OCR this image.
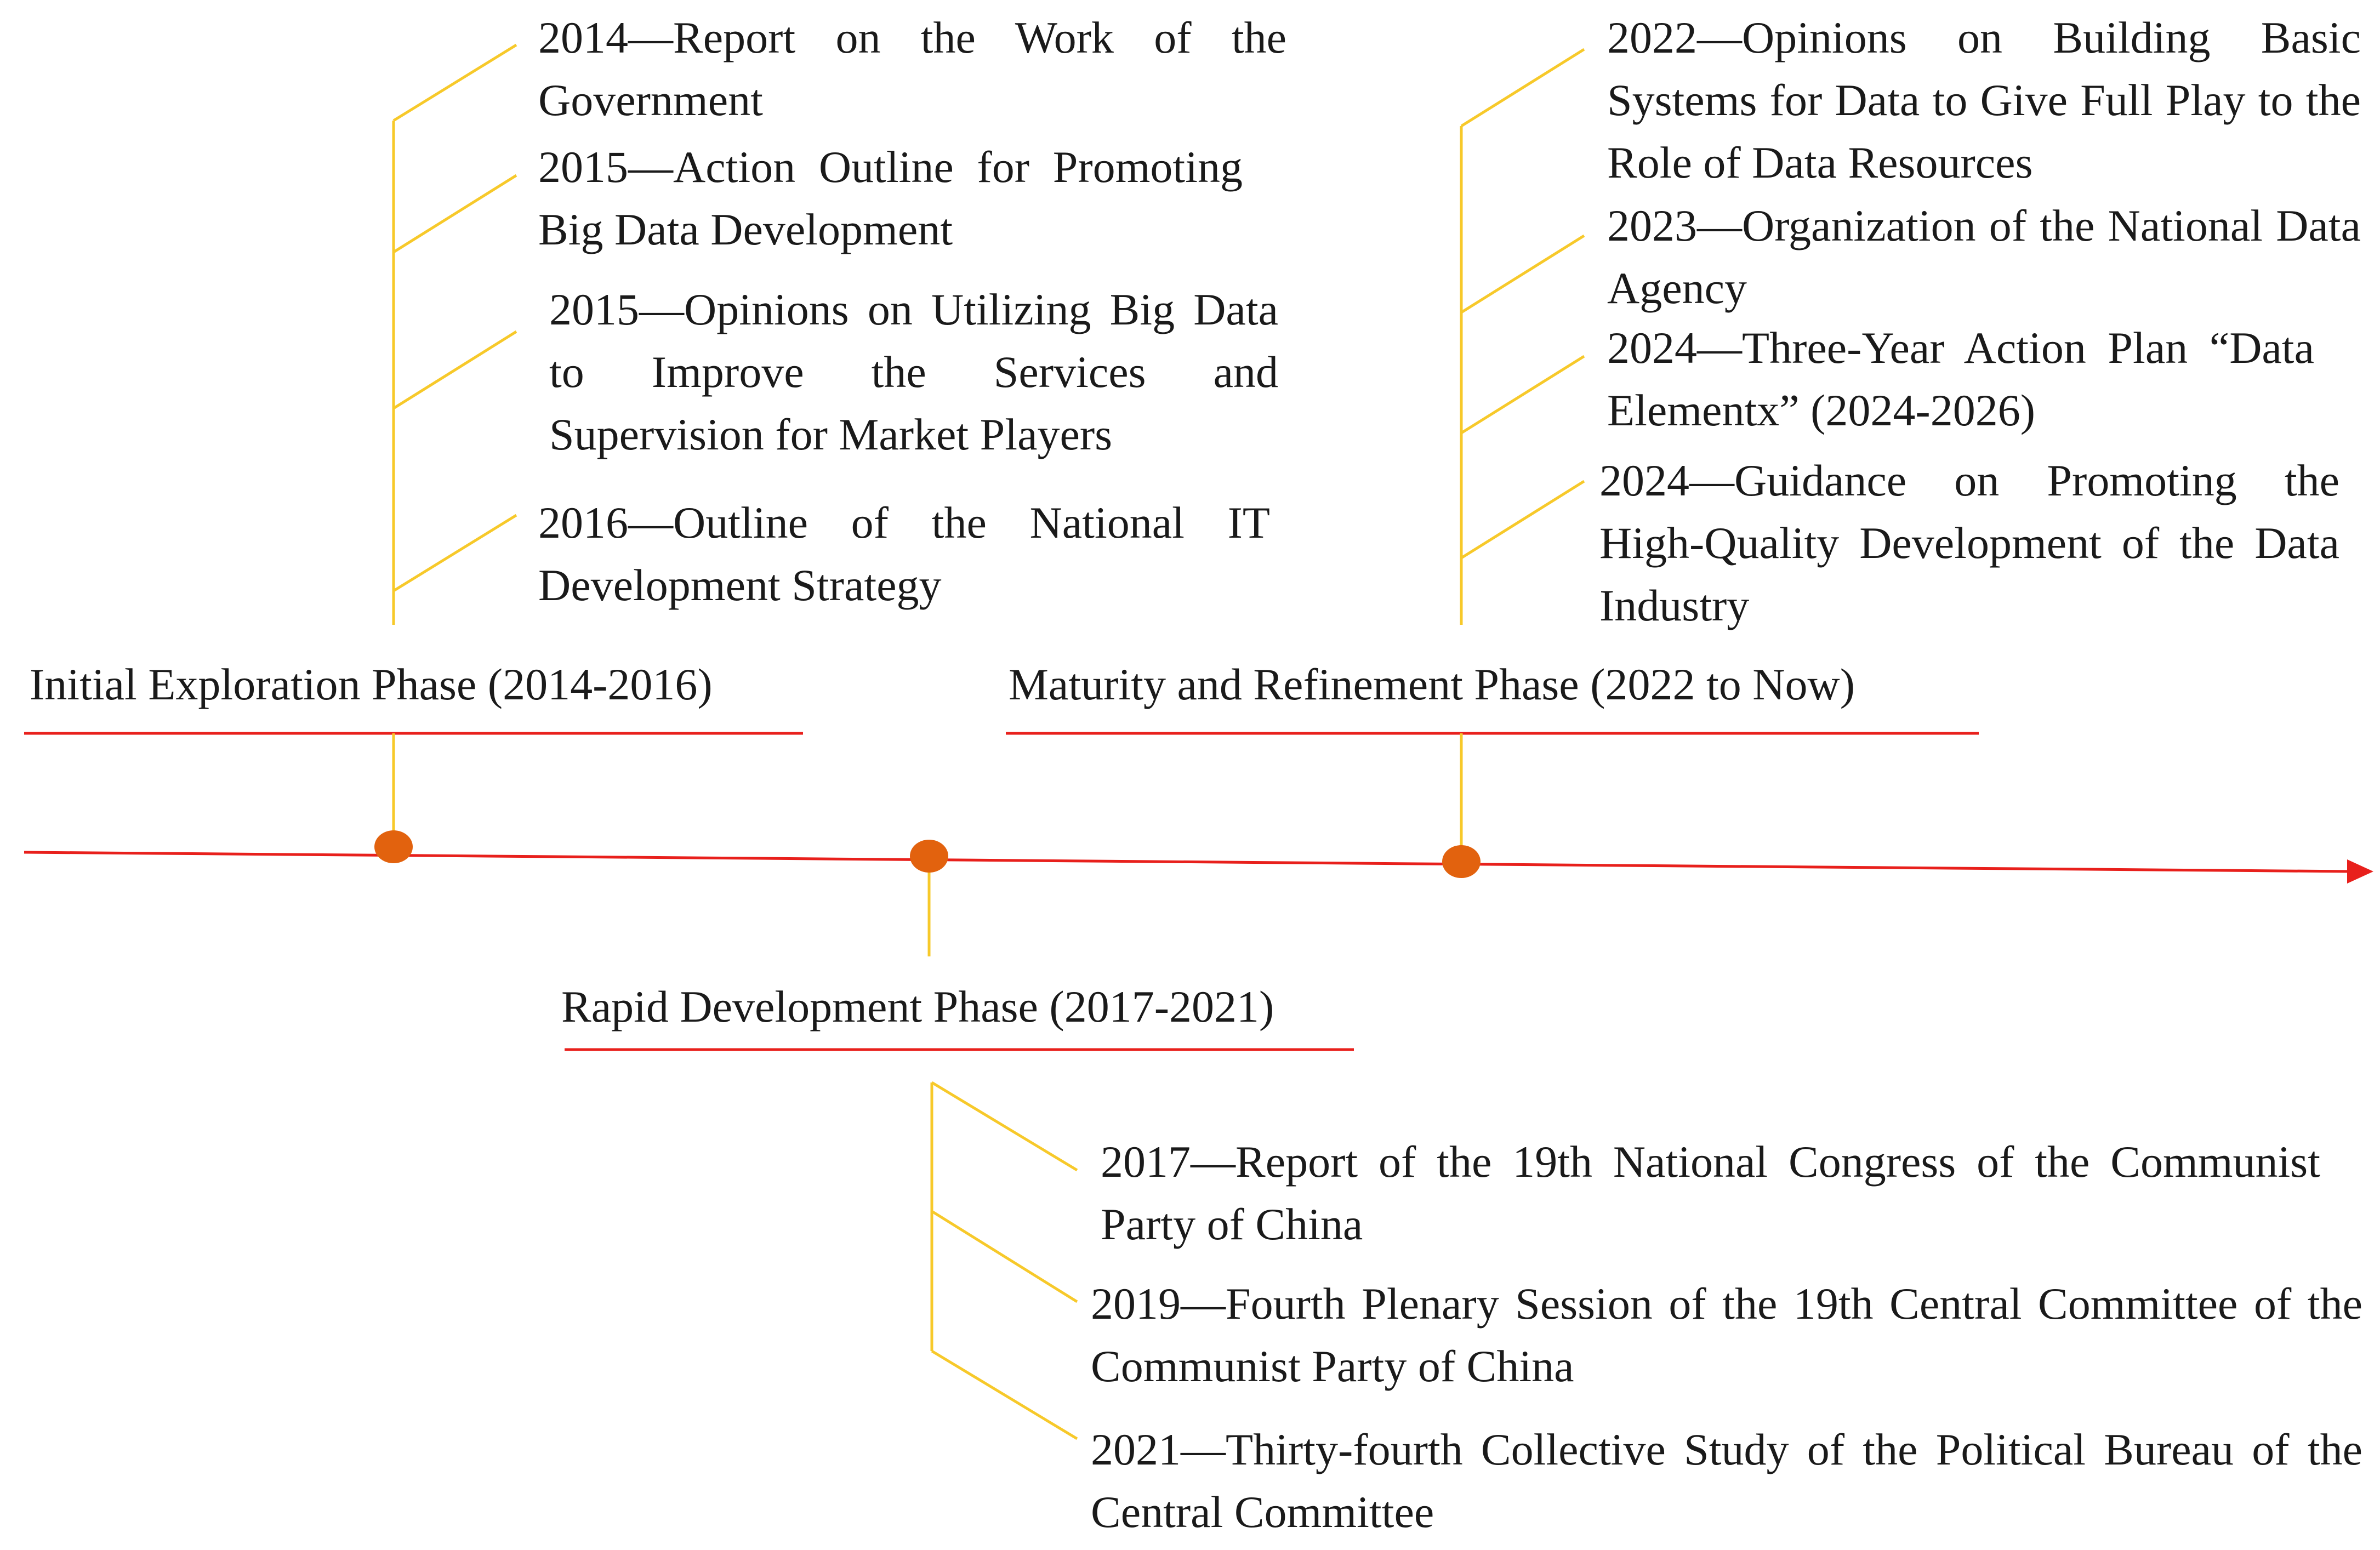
Initial Exploration Phase (2014-2016)
Rapid Development Phase (2017-2021)
Maturity and Refinement Phase (2022 to Now)
2014—Report on the Work of the Government
2015—Action Outline for Promoting Big Data Development
2015—Opinions on Utilizing Big Data to Improve the Services and Supervision for Market Players
2016—Outline of the National IT Development Strategy
2022—Opinions on Building Basic Systems for Data to Give Full Play to the Role of Data Resources
2023—Organization of the National Data Agency
2024—Three-Year Action Plan “Data Elementx” (2024-2026)
2024—Guidance on Promoting the High-Quality Development of the Data Industry
2017—Report of the 19th National Congress of the Communist Party of China
2019—Fourth Plenary Session of the 19th Central Committee of the Communist Party of China
2021—Thirty-fourth Collective Study of the Political Bureau of the Central Committee
